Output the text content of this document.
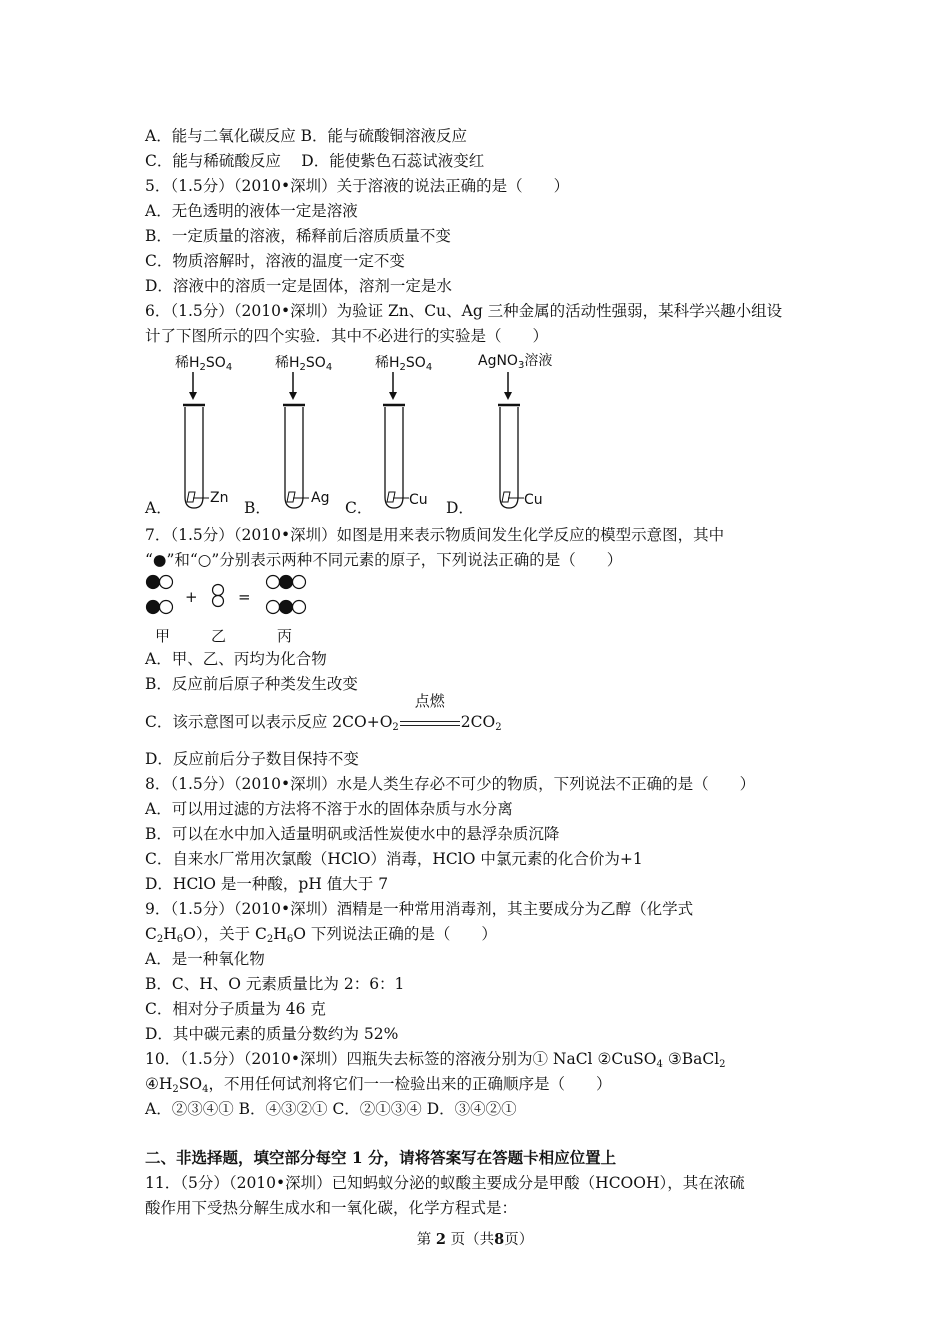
A．能与二氧化碳反应 B．能与硫酸铜溶液反应
C．能与稀硫酸反应　 D．能使紫色石蕊试液变红
5．（1.5分）（2010•深圳）关于溶液的说法正确的是（　　）
A．无色透明的液体一定是溶液
B．一定质量的溶液，稀释前后溶质质量不变
C．物质溶解时，溶液的温度一定不变
D．溶液中的溶质一定是固体，溶剂一定是水
6．（1.5分）（2010•深圳）为验证 Zn、Cu、Ag 三种金属的活动性强弱，某科学兴趣小组设
计了下图所示的四个实验．其中不必进行的实验是（　　）
稀$H_2SO_4$
Zn
A．
稀$H_2SO_4$
Ag
B．
稀$H_2SO_4$
Cu
C．
AgNO$_3$溶液
Cu
D．
7．（1.5分）（2010•深圳）如图是用来表示物质间发生化学反应的模型示意图，其中
“●”和“○”分别表示两种不同元素的原子，下列说法正确的是（　　）
+	=
甲	乙	丙
A．甲、乙、丙均为化合物
B．反应前后原子种类发生改变
C．该示意图可以表示反应 $2CO+O_2$
点燃
$2CO_2$
D．反应前后分子数目保持不变
8．（1.5分）（2010•深圳）水是人类生存必不可少的物质，下列说法不正确的是（　　）
A．可以用过滤的方法将不溶于水的固体杂质与水分离
B．可以在水中加入适量明矾或活性炭使水中的悬浮杂质沉降
C．自来水厂常用次氯酸（HClO）消毒，HClO 中氯元素的化合价为+1
D．HClO 是一种酸，pH 值大于 7
9．（1.5分）（2010•深圳）酒精是一种常用消毒剂，其主要成分为乙醇（化学式
$C_2H_6O$），关于 $C_2H_6O$ 下列说法正确的是（　　）
A．是一种氧化物
B．C、H、O 元素质量比为 2：6：1
C．相对分子质量为 46 克
D．其中碳元素的质量分数约为 52%
10．（1.5分）（2010•深圳）四瓶失去标签的溶液分别为① NaCl ②CuSO$_4$ ③BaCl$_2$
$④H_2SO_4$，不用任何试剂将它们一一检验出来的正确顺序是（　　）
A．②③④① B．④③②① C．②①③④ D．③④②①
二、非选择题，填空部分每空 1 分，请将答案写在答题卡相应位置上
11．（5分）（2010•深圳）已知蚂蚁分泌的蚁酸主要成分是甲酸（HCOOH），其在浓硫
酸作用下受热分解生成水和一氧化碳，化学方程式是：
第 2 页（共8页）
